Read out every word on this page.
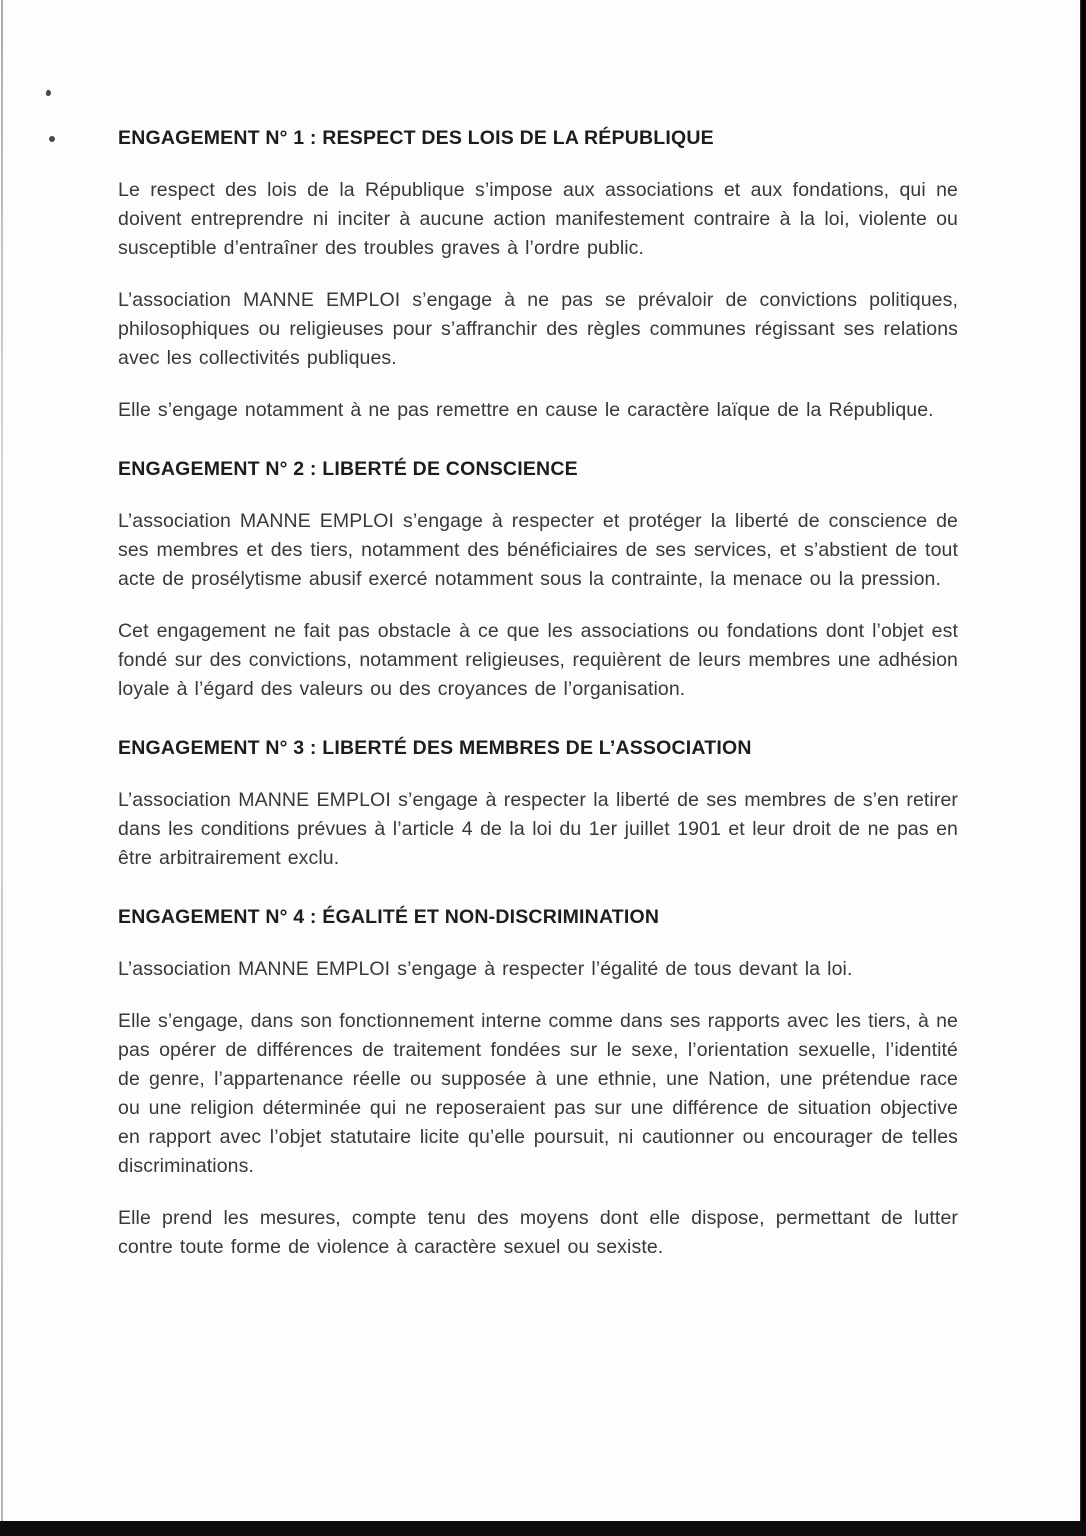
ENGAGEMENT N° 1 : RESPECT DES LOIS DE LA RÉPUBLIQUE

Le respect des lois de la République s’impose aux associations et aux fondations, qui ne doivent entreprendre ni inciter à aucune action manifestement contraire à la loi, violente ou susceptible d’entraîner des troubles graves à l’ordre public.

L’association MANNE EMPLOI s’engage à ne pas se prévaloir de convictions politiques, philosophiques ou religieuses pour s’affranchir des règles communes régissant ses relations avec les collectivités publiques.

Elle s’engage notamment à ne pas remettre en cause le caractère laïque de la République.

ENGAGEMENT N° 2 : LIBERTÉ DE CONSCIENCE

L’association MANNE EMPLOI s’engage à respecter et protéger la liberté de conscience de ses membres et des tiers, notamment des bénéficiaires de ses services, et s’abstient de tout acte de prosélytisme abusif exercé notamment sous la contrainte, la menace ou la pression.

Cet engagement ne fait pas obstacle à ce que les associations ou fondations dont l’objet est fondé sur des convictions, notamment religieuses, requièrent de leurs membres une adhésion loyale à l’égard des valeurs ou des croyances de l’organisation.

ENGAGEMENT N° 3 : LIBERTÉ DES MEMBRES DE L’ASSOCIATION

L’association MANNE EMPLOI s’engage à respecter la liberté de ses membres de s’en retirer dans les conditions prévues à l’article 4 de la loi du 1er juillet 1901 et leur droit de ne pas en être arbitrairement exclu.

ENGAGEMENT N° 4 : ÉGALITÉ ET NON-DISCRIMINATION

L’association MANNE EMPLOI s’engage à respecter l’égalité de tous devant la loi.

Elle s’engage, dans son fonctionnement interne comme dans ses rapports avec les tiers, à ne pas opérer de différences de traitement fondées sur le sexe, l’orientation sexuelle, l’identité de genre, l’appartenance réelle ou supposée à une ethnie, une Nation, une prétendue race ou une religion déterminée qui ne reposeraient pas sur une différence de situation objective en rapport avec l’objet statutaire licite qu’elle poursuit, ni cautionner ou encourager de telles discriminations.

Elle prend les mesures, compte tenu des moyens dont elle dispose, permettant de lutter contre toute forme de violence à caractère sexuel ou sexiste.
